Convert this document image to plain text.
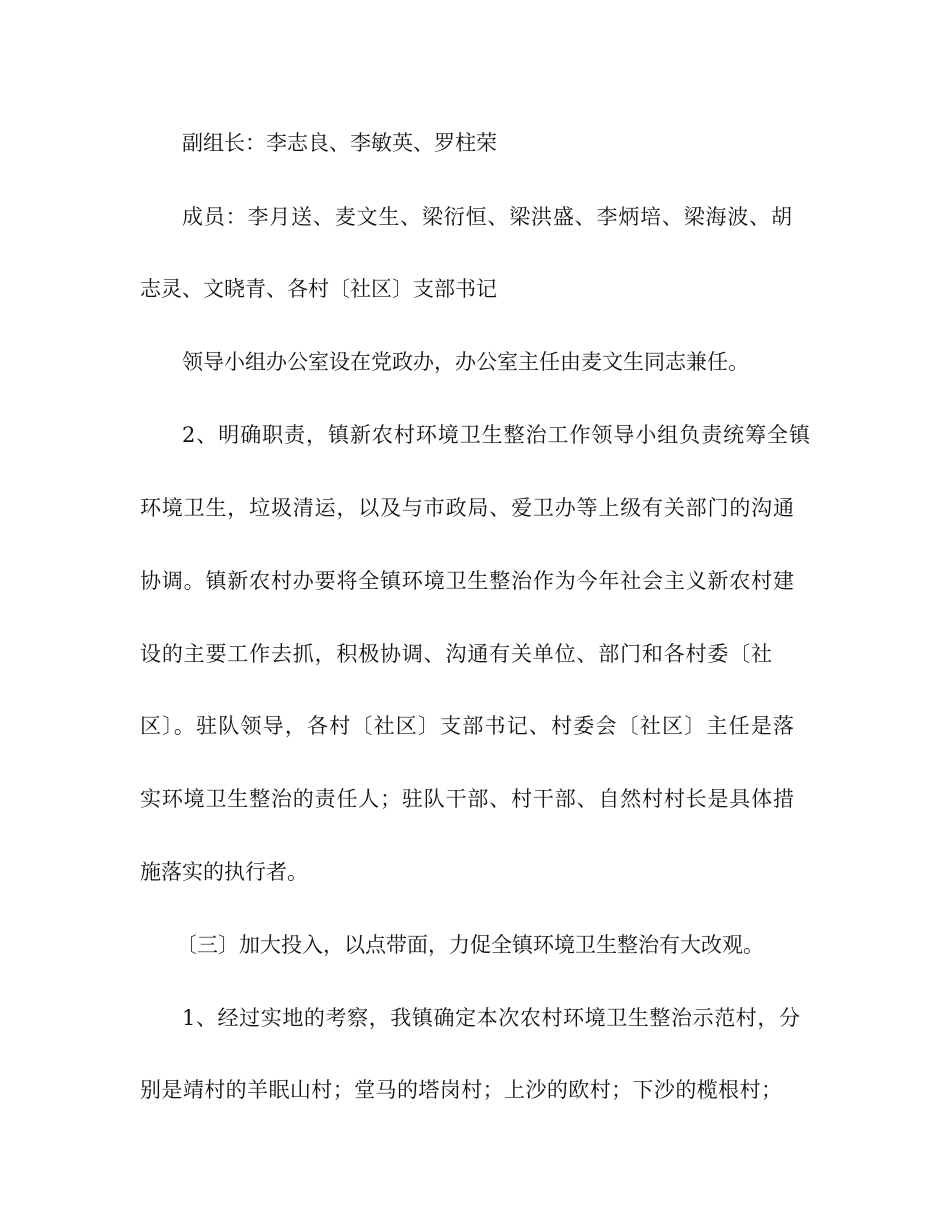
副组长：李志良、李敏英、罗柱荣
成员：李月送、麦文生、梁衍恒、梁洪盛、李炳培、梁海波、胡
志灵、文晓青、各村〔社区〕支部书记
领导小组办公室设在党政办，办公室主任由麦文生同志兼任。
2、明确职责，镇新农村环境卫生整治工作领导小组负责统筹全镇
环境卫生，垃圾清运，以及与市政局、爱卫办等上级有关部门的沟通
协调。镇新农村办要将全镇环境卫生整治作为今年社会主义新农村建
设的主要工作去抓，积极协调、沟通有关单位、部门和各村委〔社
区〕。驻队领导，各村〔社区〕支部书记、村委会〔社区〕主任是落
实环境卫生整治的责任人；驻队干部、村干部、自然村村长是具体措
施落实的执行者。
〔三〕加大投入，以点带面，力促全镇环境卫生整治有大改观。
1、经过实地的考察，我镇确定本次农村环境卫生整治示范村，分
别是靖村的羊眠山村；堂马的塔岗村；上沙的欧村；下沙的榄根村；
